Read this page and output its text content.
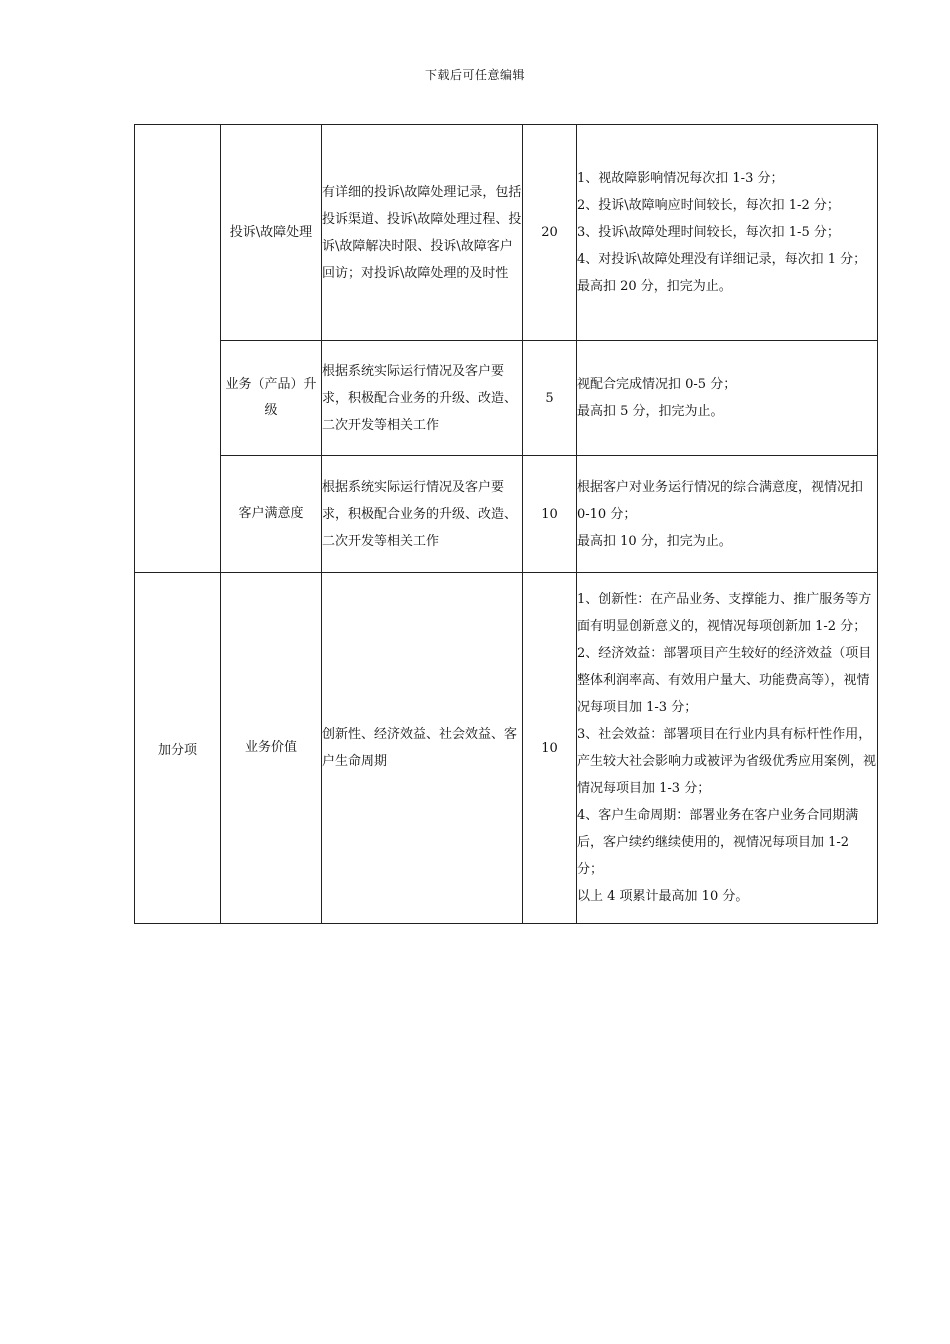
下载后可任意编辑
	投诉\故障处理	有详细的投诉\故障处理记录，包括投诉渠道、投诉\故障处理过程、投诉\故障解决时限、投诉\故障客户回访；对投诉\故障处理的及时性	20	1、视故障影响情况每次扣 1-3 分；
2、投诉\故障响应时间较长，每次扣 1-2 分；
3、投诉\故障处理时间较长，每次扣 1-5 分；
4、对投诉\故障处理没有详细记录，每次扣 1 分；
最高扣 20 分，扣完为止。

	业务（产品）升级	根据系统实际运行情况及客户要求，积极配合业务的升级、改造、二次开发等相关工作	5	视配合完成情况扣 0-5 分；
最高扣 5 分，扣完为止。

	客户满意度	根据系统实际运行情况及客户要求，积极配合业务的升级、改造、二次开发等相关工作	10	根据客户对业务运行情况的综合满意度，视情况扣 0-10 分；
最高扣 10 分，扣完为止。

加分项	业务价值	创新性、经济效益、社会效益、客户生命周期	10	1、创新性：在产品业务、支撑能力、推广服务等方面有明显创新意义的，视情况每项创新加 1-2 分；
2、经济效益：部署项目产生较好的经济效益（项目整体利润率高、有效用户量大、功能费高等），视情况每项目加 1-3 分；
3、社会效益：部署项目在行业内具有标杆性作用，产生较大社会影响力或被评为省级优秀应用案例，视情况每项目加 1-3 分；
4、客户生命周期：部署业务在客户业务合同期满后，客户续约继续使用的，视情况每项目加 1-2 分；
以上 4 项累计最高加 10 分。
